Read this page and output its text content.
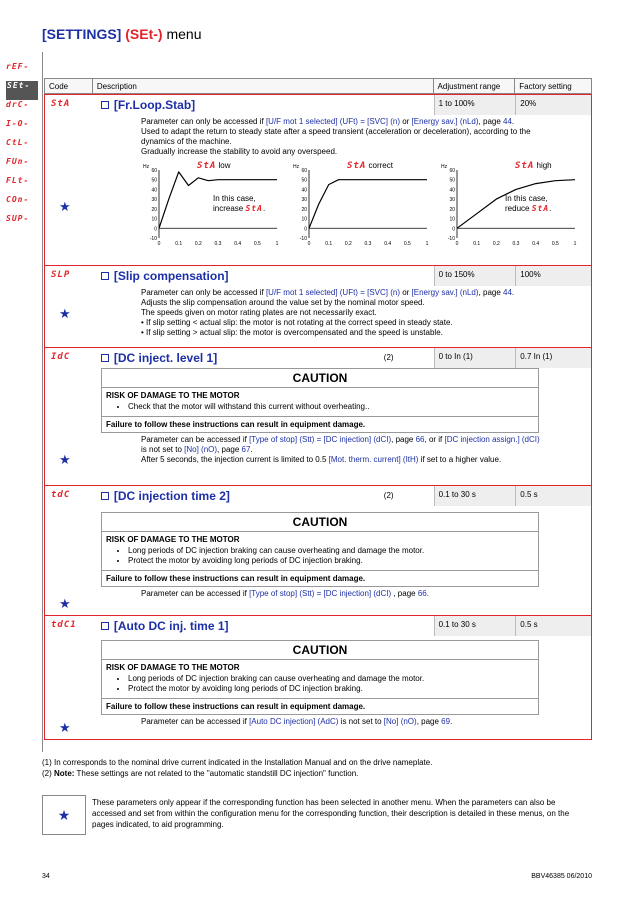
[SETTINGS] (SEt-) menu
rEF-
SEt-
drC-
I-O-
CtL-
FUn-
FLt-
COn-
SUP-
Code	Description	Adjustment range	Factory setting
StA	[Fr.Loop.Stab]	1 to 100%	20%
Parameter can only be accessed if [U/F mot 1 selected] (UFt) = [SVC] (n) or [Energy sav.] (nLd), page 44.
Used to adapt the return to steady state after a speed transient (acceleration or deceleration), according to the
dynamics of the machine.
Gradually increase the stability to avoid any overspeed.
-10
0
10
20
30
40
50
60
Hz
0	0.1	0.2	0.3	0.4	0.5	1
StA low
In this case,
increase StA.
-10
0
10
20
30
40
50
60
Hz
0	0.1	0.2	0.3	0.4	0.5	1
StA correct
-10
0
10
20
30
40
50
60
Hz
0	0.1	0.2	0.3	0.4	0.5	1
StA high
In this case,
reduce StA.
★
SLP	[Slip compensation]	0 to 150%	100%
Parameter can only be accessed if [U/F mot 1 selected] (UFt) = [SVC] (n) or [Energy sav.] (nLd), page 44.
Adjusts the slip compensation around the value set by the nominal motor speed.
The speeds given on motor rating plates are not necessarily exact.
• If slip setting < actual slip: the motor is not rotating at the correct speed in steady state.
• If slip setting > actual slip: the motor is overcompensated and the speed is unstable.
★
IdC	[DC inject. level 1]	(2)	0 to In (1)	0.7 In (1)
CAUTION
RISK OF DAMAGE TO THE MOTOR
• Check that the motor will withstand this current without overheating..
Failure to follow these instructions can result in equipment damage.
Parameter can be accessed if [Type of stop] (Stt) = [DC injection] (dCI), page 66, or if [DC injection assign.] (dCI)
is not set to [No] (nO), page 67.
After 5 seconds, the injection current is limited to 0.5 [Mot. therm. current] (ItH) if set to a higher value.
★
tdC	[DC injection time 2]	(2)	0.1 to 30 s	0.5 s
CAUTION
RISK OF DAMAGE TO THE MOTOR
• Long periods of DC injection braking can cause overheating and damage the motor.
• Protect the motor by avoiding long periods of DC injection braking.
Failure to follow these instructions can result in equipment damage.
Parameter can be accessed if [Type of stop] (Stt) = [DC injection] (dCI) , page 66.
★
tdC1	[Auto DC inj. time 1]	0.1 to 30 s	0.5 s
CAUTION
RISK OF DAMAGE TO THE MOTOR
• Long periods of DC injection braking can cause overheating and damage the motor.
• Protect the motor by avoiding long periods of DC injection braking.
Failure to follow these instructions can result in equipment damage.
Parameter can be accessed if [Auto DC injection] (AdC) is not set to [No] (nO), page 69.
★
(1) In corresponds to the nominal drive current indicated in the Installation Manual and on the drive nameplate.
(2) Note: These settings are not related to the "automatic standstill DC injection" function.
★
These parameters only appear if the corresponding function has been selected in another menu. When the parameters can also be accessed and set from within the configuration menu for the corresponding function, their description is detailed in these menus, on the pages indicated, to aid programming.
34	BBV46385 06/2010
